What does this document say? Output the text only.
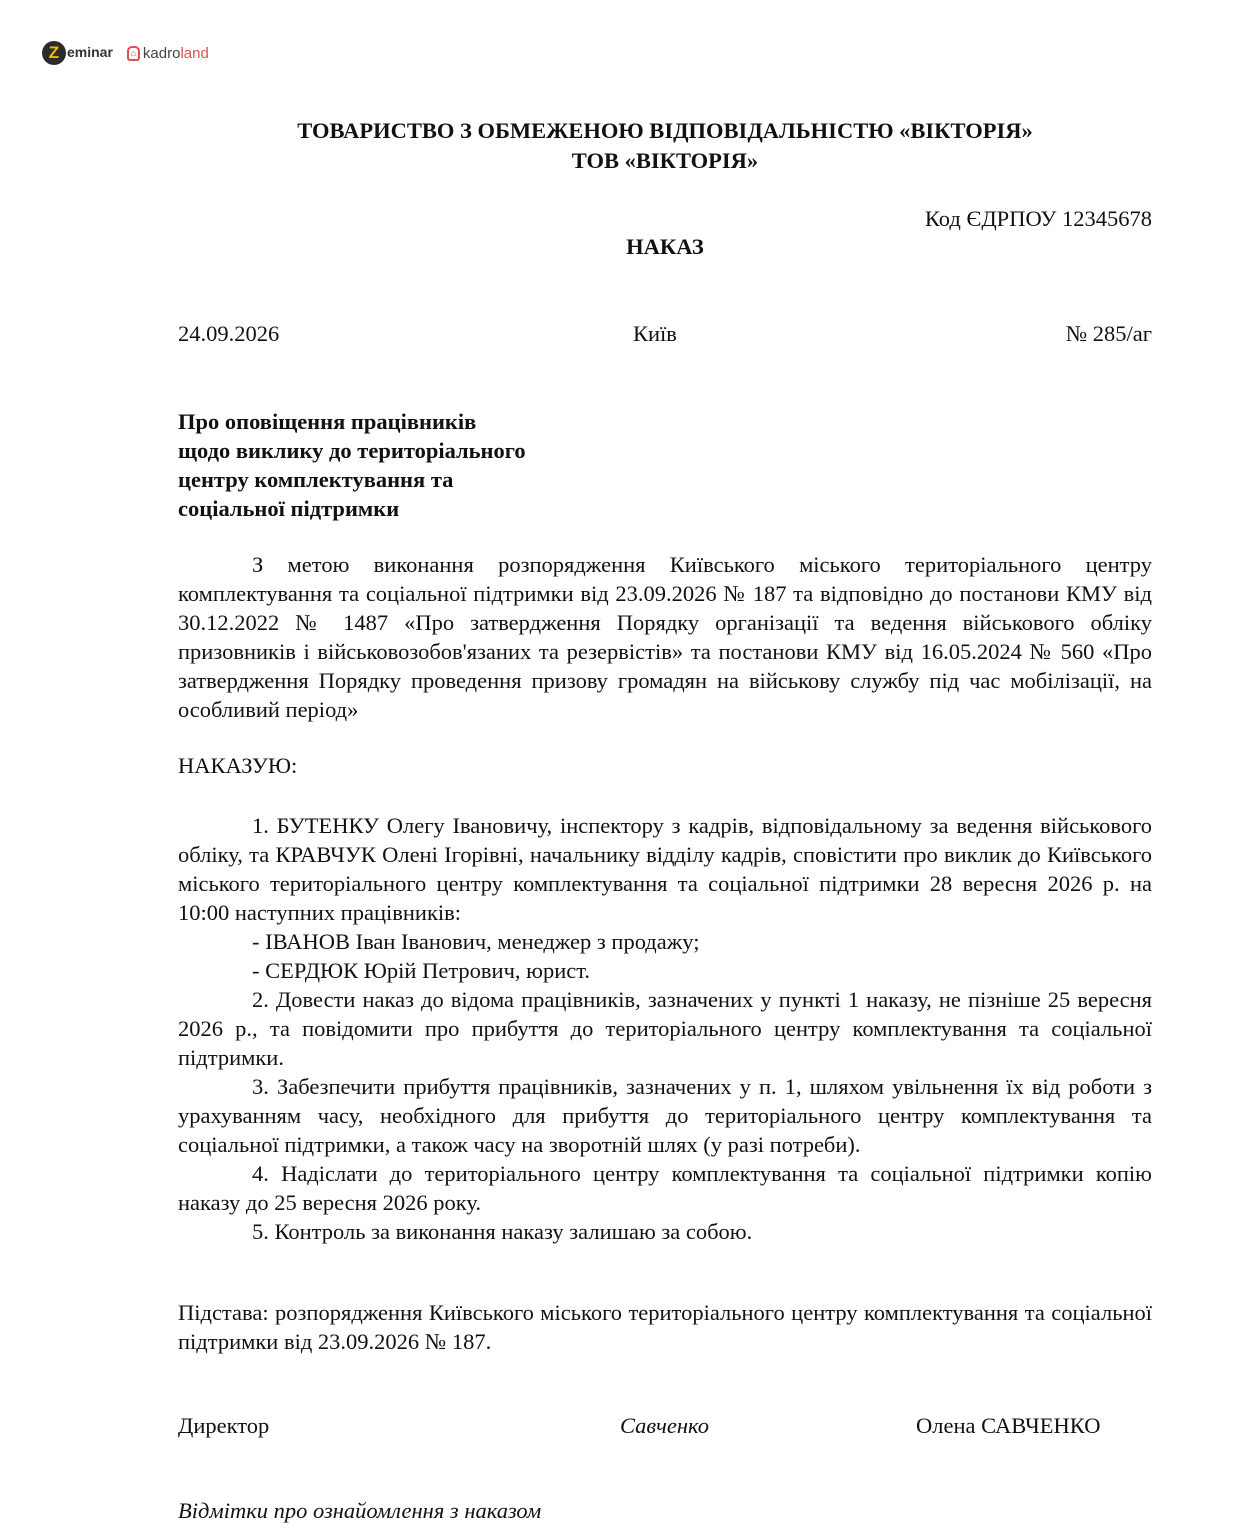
Z eminar	⌂ kadroland
ТОВАРИСТВО З ОБМЕЖЕНОЮ ВІДПОВІДАЛЬНІСТЮ «ВІКТОРІЯ»
ТОВ «ВІКТОРІЯ»
Код ЄДРПОУ 12345678
НАКАЗ
24.09.2026	Київ	№ 285/аг
Про оповіщення працівників
щодо виклику до територіального
центру комплектування та
соціальної підтримки
З метою виконання розпорядження Київського міського територіального центру комплектування та соціальної підтримки від 23.09.2026 № 187 та відповідно до постанови КМУ від 30.12.2022 № 1487 «Про затвердження Порядку організації та ведення військового обліку призовників і військовозобов'язаних та резервістів» та постанови КМУ від 16.05.2024 № 560 «Про затвердження Порядку проведення призову громадян на військову службу під час мобілізації, на особливий період»
НАКАЗУЮ:
1. БУТЕНКУ Олегу Івановичу, інспектору з кадрів, відповідальному за ведення військового обліку, та КРАВЧУК Олені Ігорівні, начальнику відділу кадрів, сповістити про виклик до Київського міського територіального центру комплектування та соціальної підтримки 28 вересня 2026 р. на 10:00 наступних працівників:
- ІВАНОВ Іван Іванович, менеджер з продажу;
- СЕРДЮК Юрій Петрович, юрист.
2. Довести наказ до відома працівників, зазначених у пункті 1 наказу, не пізніше 25 вересня 2026 р., та повідомити про прибуття до територіального центру комплектування та соціальної підтримки.
3. Забезпечити прибуття працівників, зазначених у п. 1, шляхом увільнення їх від роботи з урахуванням часу, необхідного для прибуття до територіального центру комплектування та соціальної підтримки, а також часу на зворотній шлях (у разі потреби).
4. Надіслати до територіального центру комплектування та соціальної підтримки копію наказу до 25 вересня 2026 року.
5. Контроль за виконання наказу залишаю за собою.
Підстава: розпорядження Київського міського територіального центру комплектування та соціальної підтримки від 23.09.2026 № 187.
Директор	Савченко	Олена САВЧЕНКО
Відмітки про ознайомлення з наказом
